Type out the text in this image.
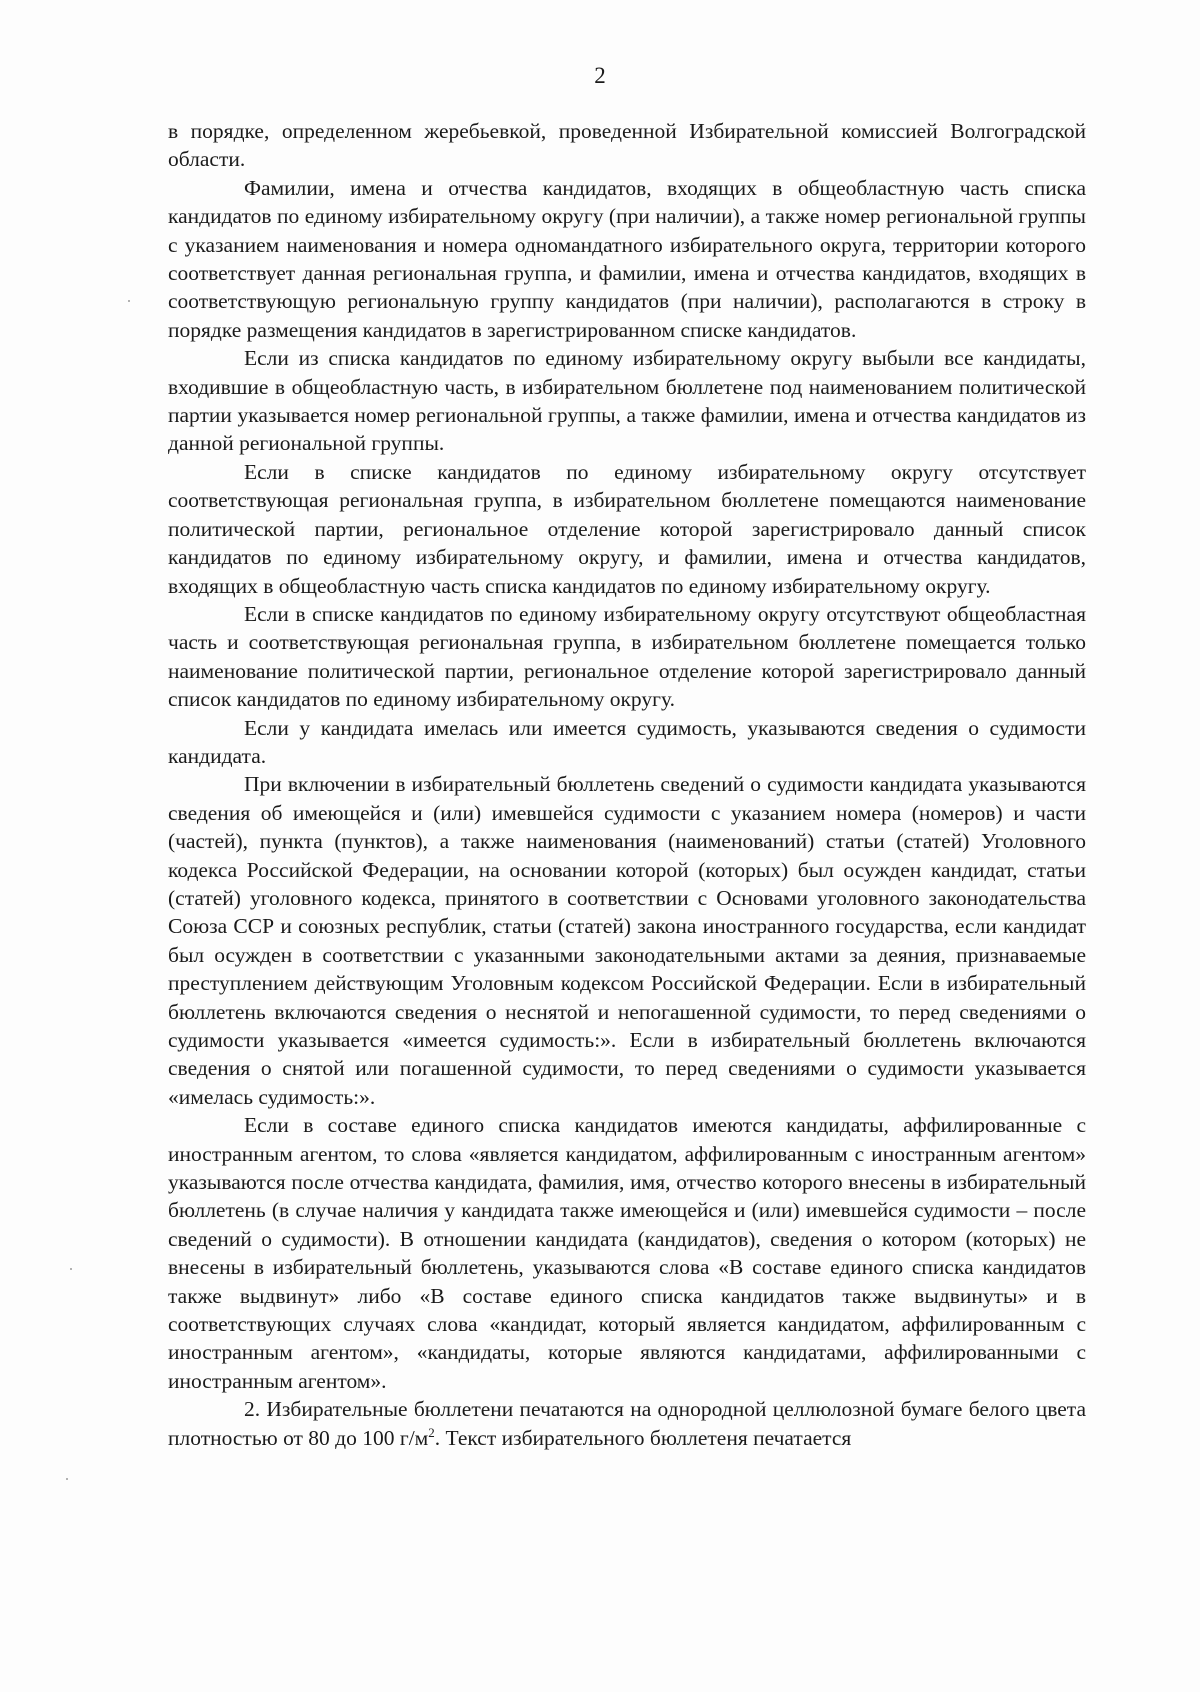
2

в порядке, определенном жеребьевкой, проведенной Избирательной комиссией Волгоградской области.

Фамилии, имена и отчества кандидатов, входящих в общеобластную часть списка кандидатов по единому избирательному округу (при наличии), а также номер региональной группы с указанием наименования и номера одномандатного избирательного округа, территории которого соответствует данная региональная группа, и фамилии, имена и отчества кандидатов, входящих в соответствующую региональную группу кандидатов (при наличии), располагаются в строку в порядке размещения кандидатов в зарегистрированном списке кандидатов.

Если из списка кандидатов по единому избирательному округу выбыли все кандидаты, входившие в общеобластную часть, в избирательном бюллетене под наименованием политической партии указывается номер региональной группы, а также фамилии, имена и отчества кандидатов из данной региональной группы.

Если в списке кандидатов по единому избирательному округу отсутствует соответствующая региональная группа, в избирательном бюллетене помещаются наименование политической партии, региональное отделение которой зарегистрировало данный список кандидатов по единому избирательному округу, и фамилии, имена и отчества кандидатов, входящих в общеобластную часть списка кандидатов по единому избирательному округу.

Если в списке кандидатов по единому избирательному округу отсутствуют общеобластная часть и соответствующая региональная группа, в избирательном бюллетене помещается только наименование политической партии, региональное отделение которой зарегистрировало данный список кандидатов по единому избирательному округу.

Если у кандидата имелась или имеется судимость, указываются сведения о судимости кандидата.

При включении в избирательный бюллетень сведений о судимости кандидата указываются сведения об имеющейся и (или) имевшейся судимости с указанием номера (номеров) и части (частей), пункта (пунктов), а также наименования (наименований) статьи (статей) Уголовного кодекса Российской Федерации, на основании которой (которых) был осужден кандидат, статьи (статей) уголовного кодекса, принятого в соответствии с Основами уголовного законодательства Союза ССР и союзных республик, статьи (статей) закона иностранного государства, если кандидат был осужден в соответствии с указанными законодательными актами за деяния, признаваемые преступлением действующим Уголовным кодексом Российской Федерации. Если в избирательный бюллетень включаются сведения о неснятой и непогашенной судимости, то перед сведениями о судимости указывается «имеется судимость:». Если в избирательный бюллетень включаются сведения о снятой или погашенной судимости, то перед сведениями о судимости указывается «имелась судимость:».

Если в составе единого списка кандидатов имеются кандидаты, аффилированные с иностранным агентом, то слова «является кандидатом, аффилированным с иностранным агентом» указываются после отчества кандидата, фамилия, имя, отчество которого внесены в избирательный бюллетень (в случае наличия у кандидата также имеющейся и (или) имевшейся судимости – после сведений о судимости). В отношении кандидата (кандидатов), сведения о котором (которых) не внесены в избирательный бюллетень, указываются слова «В составе единого списка кандидатов также выдвинут» либо «В составе единого списка кандидатов также выдвинуты» и в соответствующих случаях слова «кандидат, который является кандидатом, аффилированным с иностранным агентом», «кандидаты, которые являются кандидатами, аффилированными с иностранным агентом».

2. Избирательные бюллетени печатаются на однородной целлюлозной бумаге белого цвета плотностью от 80 до 100 $г/м^2$. Текст избирательного бюллетеня печатается
